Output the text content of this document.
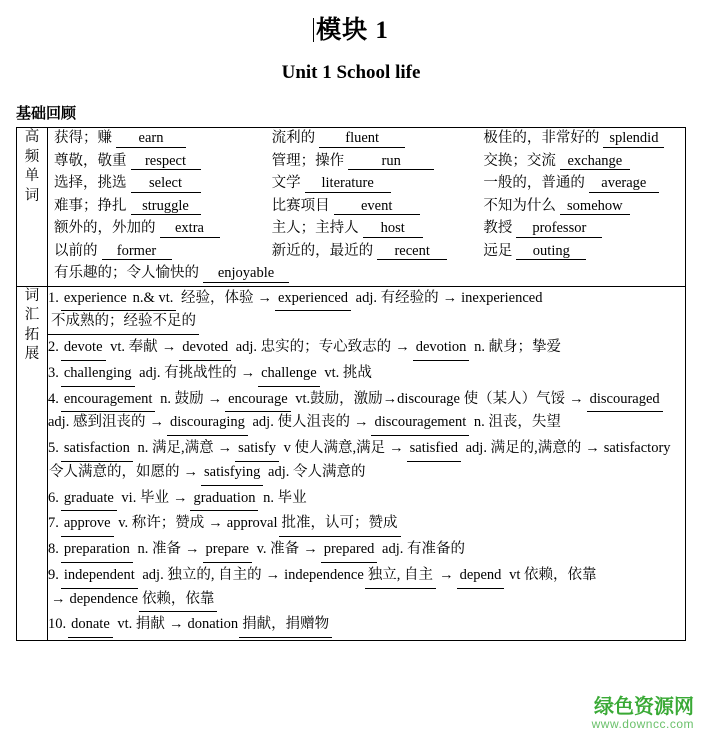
模块 1
Unit 1 School life
基础回顾
高
频
单
词

获得；赚	earn	流利的	fluent	极佳的，非常好的 splendid
尊敬，敬重	respect	管理；操作	run	交换；交流 exchange
选择，挑选	select	文学	literature	一般的，普通的	average
难事；挣扎	struggle	比赛项目	event	不知为什么 somehow
额外的，外加的	extra	主人；主持人	host	教授	professor
以前的	former	新近的，最近的	recent	远足	outing
有乐趣的；令人愉快的	enjoyable

词
汇
拓
展

1. experiencen.& vt. 经验，体验 → experienced adj. 有经验的 → inexperienced不成熟的；经验不足的
2. devote vt. 奉献 → devoted adj. 忠实的；专心致志的 → devotion n. 献身；挚爱
3. challenging adj. 有挑战性的 → challenge vt. 挑战
4. encouragement n. 鼓励 → encourage vt.鼓励，激励→discourage 使（某人）气馁 → discouraged adj. 感到沮丧的 → discouraging adj. 使人沮丧的 → discouragement n. 沮丧，失望
5. satisfaction n. 满足,满意 → satisfy v 使人满意,满足 → satisfied adj. 满足的,满意的 → satisfactory令人满意的，如愿的 → satisfying adj. 令人满意的
6. graduate vi. 毕业 → graduation n. 毕业
7. approve v. 称许；赞成 → approval 批准，认可；赞成
8. preparation n. 准备 → prepare v. 准备 → prepared adj. 有准备的
9. independent adj. 独立的, 自主的 → independence 独立, 自主 → depend vt 依赖，依靠→ dependence 依赖，依靠
10. donate vt. 捐献 → donation 捐献，捐赠物
绿色资源网
www.downcc.com
